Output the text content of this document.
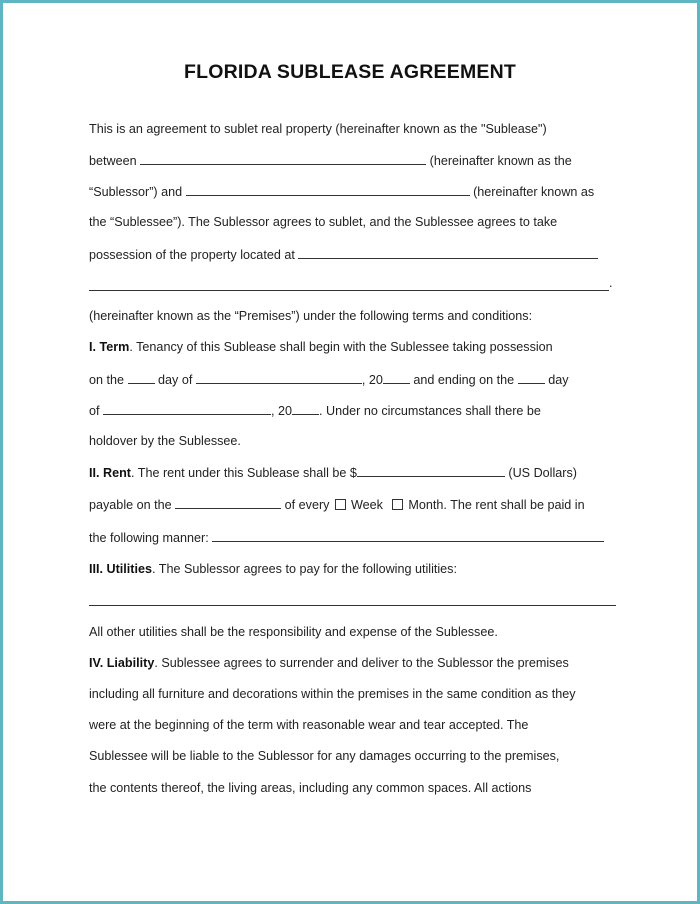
FLORIDA SUBLEASE AGREEMENT
This is an agreement to sublet real property (hereinafter known as the "Sublease")
between	(hereinafter known as the
“Sublessor”) and	(hereinafter known as
the “Sublessee”). The Sublessor agrees to sublet, and the Sublessee agrees to take
possession of the property located at
.
(hereinafter known as the “Premises”) under the following terms and conditions:
I. Term. Tenancy of this Sublease shall begin with the Sublessee taking possession
on the	day of	, 20 and ending on the	day
of	, 20 . Under no circumstances shall there be
holdover by the Sublessee.
II. Rent. The rent under this Sublease shall be $	(US Dollars)
payable on the	of every Week Month. The rent shall be paid in
the following manner:
III. Utilities. The Sublessor agrees to pay for the following utilities:
All other utilities shall be the responsibility and expense of the Sublessee.
IV. Liability. Sublessee agrees to surrender and deliver to the Sublessor the premises
including all furniture and decorations within the premises in the same condition as they
were at the beginning of the term with reasonable wear and tear accepted. The
Sublessee will be liable to the Sublessor for any damages occurring to the premises,
the contents thereof, the living areas, including any common spaces. All actions
